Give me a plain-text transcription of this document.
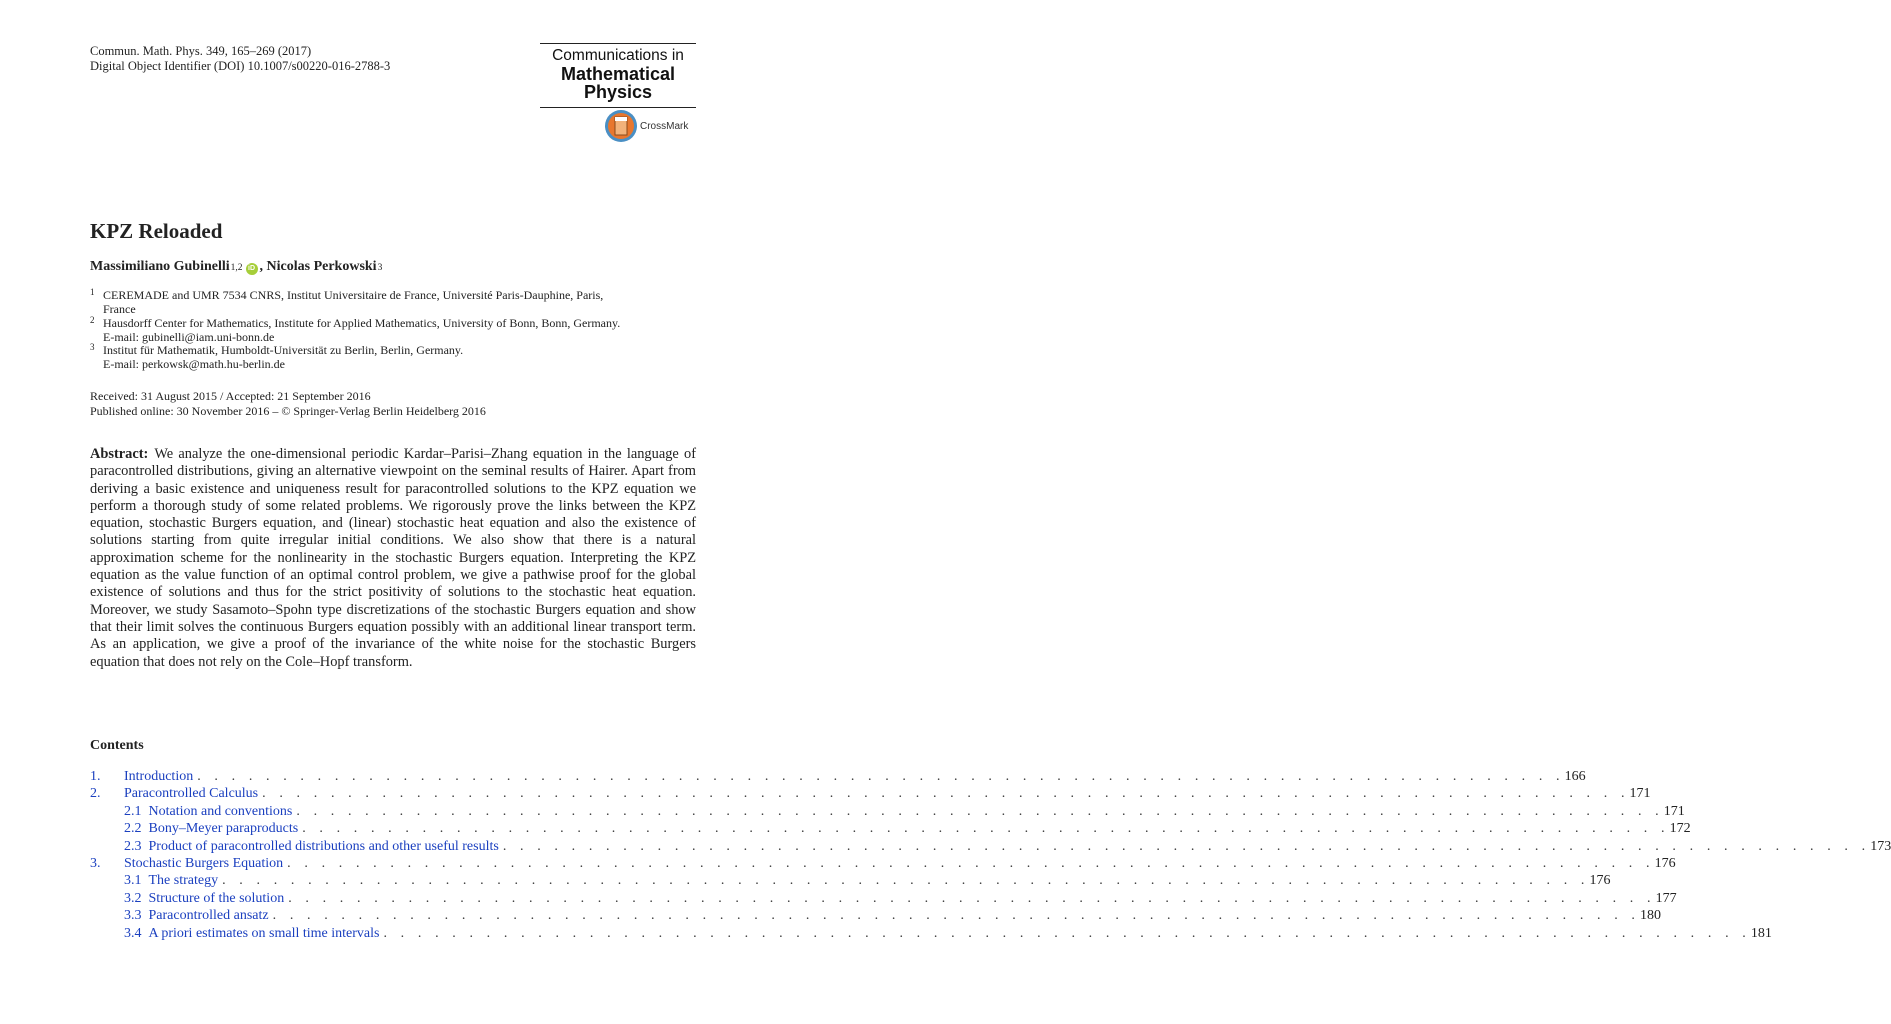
Commun. Math. Phys. 349, 165–269 (2017)
Digital Object Identifier (DOI) 10.1007/s00220-016-2788-3
Communications in
Mathematical
Physics
CrossMark
KPZ Reloaded
Massimiliano Gubinelli 1,2 iD , Nicolas Perkowski 3
1 CEREMADE and UMR 7534 CNRS, Institut Universitaire de France, Université Paris-Dauphine, Paris,
France
2 Hausdorff Center for Mathematics, Institute for Applied Mathematics, University of Bonn, Bonn, Germany.
E-mail: gubinelli@iam.uni-bonn.de
3 Institut für Mathematik, Humboldt-Universität zu Berlin, Berlin, Germany.
E-mail: perkowsk@math.hu-berlin.de
Received: 31 August 2015 / Accepted: 21 September 2016
Published online: 30 November 2016 – © Springer-Verlag Berlin Heidelberg 2016
Abstract: We analyze the one-dimensional periodic Kardar–Parisi–Zhang equation in the language of paracontrolled distributions, giving an alternative viewpoint on the seminal results of Hairer. Apart from deriving a basic existence and uniqueness result for paracontrolled solutions to the KPZ equation we perform a thorough study of some related problems. We rigorously prove the links between the KPZ equation, stochastic Burgers equation, and (linear) stochastic heat equation and also the existence of solutions starting from quite irregular initial conditions. We also show that there is a natural approximation scheme for the nonlinearity in the stochastic Burgers equation. Interpreting the KPZ equation as the value function of an optimal control problem, we give a pathwise proof for the global existence of solutions and thus for the strict positivity of solutions to the stochastic heat equation. Moreover, we study Sasamoto–Spohn type discretizations of the stochastic Burgers equation and show that their limit solves the continuous Burgers equation possibly with an additional linear transport term. As an application, we give a proof of the invariance of the white noise for the stochastic Burgers equation that does not rely on the Cole–Hopf transform.
Contents
1. Introduction . . . . . . . . . . . . . . . . . . . . . . . . . . . . . . . . . . . . . . . . . . . . . . . . . . . . . . . . . . . . . . . . . . . . . . . . . . . . . . . . 166
2. Paracontrolled Calculus . . . . . . . . . . . . . . . . . . . . . . . . . . . . . . . . . . . . . . . . . . . . . . . . . . . . . . . . . . . . . . . . . . . . . . . . . . . . . . . . 171
2.1 Notation and conventions . . . . . . . . . . . . . . . . . . . . . . . . . . . . . . . . . . . . . . . . . . . . . . . . . . . . . . . . . . . . . . . . . . . . . . . . . . . . . . . . 171
2.2 Bony–Meyer paraproducts . . . . . . . . . . . . . . . . . . . . . . . . . . . . . . . . . . . . . . . . . . . . . . . . . . . . . . . . . . . . . . . . . . . . . . . . . . . . . . . . 172
2.3 Product of paracontrolled distributions and other useful results . . . . . . . . . . . . . . . . . . . . . . . . . . . . . . . . . . . . . . . . . . . . . . . . . . . . . . . . . . . . . . . . . . . . . . . . . . . . . . . . 173
3. Stochastic Burgers Equation . . . . . . . . . . . . . . . . . . . . . . . . . . . . . . . . . . . . . . . . . . . . . . . . . . . . . . . . . . . . . . . . . . . . . . . . . . . . . . . . 176
3.1 The strategy . . . . . . . . . . . . . . . . . . . . . . . . . . . . . . . . . . . . . . . . . . . . . . . . . . . . . . . . . . . . . . . . . . . . . . . . . . . . . . . . 176
3.2 Structure of the solution . . . . . . . . . . . . . . . . . . . . . . . . . . . . . . . . . . . . . . . . . . . . . . . . . . . . . . . . . . . . . . . . . . . . . . . . . . . . . . . . 177
3.3 Paracontrolled ansatz . . . . . . . . . . . . . . . . . . . . . . . . . . . . . . . . . . . . . . . . . . . . . . . . . . . . . . . . . . . . . . . . . . . . . . . . . . . . . . . . 180
3.4 A priori estimates on small time intervals . . . . . . . . . . . . . . . . . . . . . . . . . . . . . . . . . . . . . . . . . . . . . . . . . . . . . . . . . . . . . . . . . . . . . . . . . . . . . . . . 181
